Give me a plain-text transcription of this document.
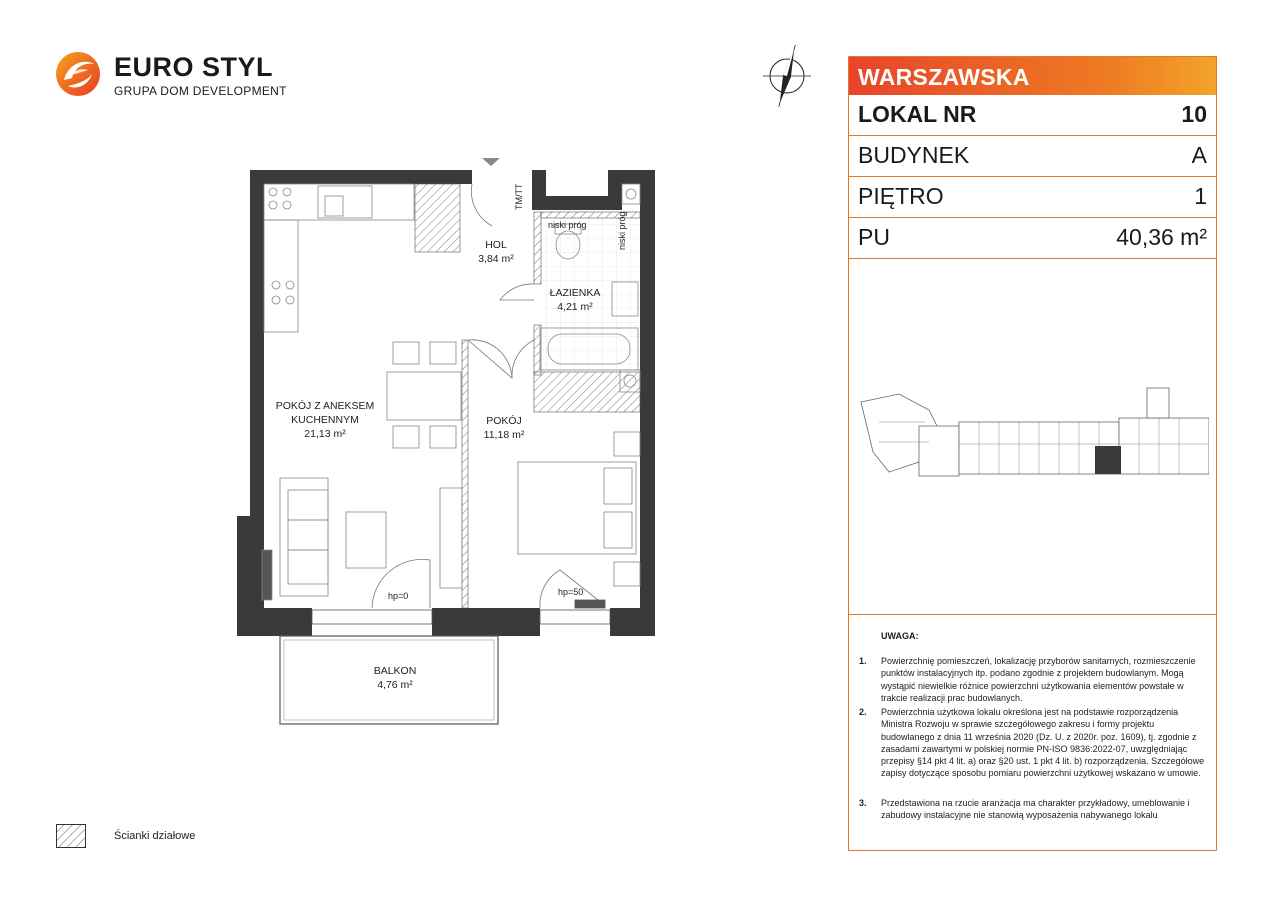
EURO STYL
GRUPA DOM DEVELOPMENT
HOL
3,84 m²
ŁAZIENKA
4,21 m²
POKÓJ Z ANEKSEM
KUCHENNYM
21,13 m²
POKÓJ
11,18 m²
BALKON
4,76 m²
niski próg	niski próg
TM/TT
hp=0	hp=50
Ścianki działowe
WARSZAWSKA
LOKAL NR	10
BUDYNEK	A
PIĘTRO	1
PU	40,36 m²
UWAGA:
1. Powierzchnię pomieszczeń, lokalizację przyborów sanitarnych, rozmieszczenie punktów instalacyjnych itp. podano zgodnie z projektem budowlanym. Mogą wystąpić niewielkie różnice powierzchni użytkowania elementów powstałe w trakcie realizacji prac budowlanych.
2. Powierzchnia użytkowa lokalu określona jest na podstawie rozporządzenia Ministra Rozwoju w sprawie szczegółowego zakresu i formy projektu budowlanego z dnia 11 września 2020 (Dz. U. z 2020r. poz. 1609), tj. zgodnie z zasadami zawartymi w polskiej normie PN-ISO 9836:2022-07, uwzględniając przepisy §14 pkt 4 lit. a) oraz §20 ust. 1 pkt 4 lit. b) rozporządzenia. Szczegółowe zapisy dotyczące sposobu pomiaru powierzchni użytkowej wskazano w umowie.
3. Przedstawiona na rzucie aranżacja ma charakter przykładowy, umeblowanie i zabudowy instalacyjne nie stanowią wyposażenia nabywanego lokalu
